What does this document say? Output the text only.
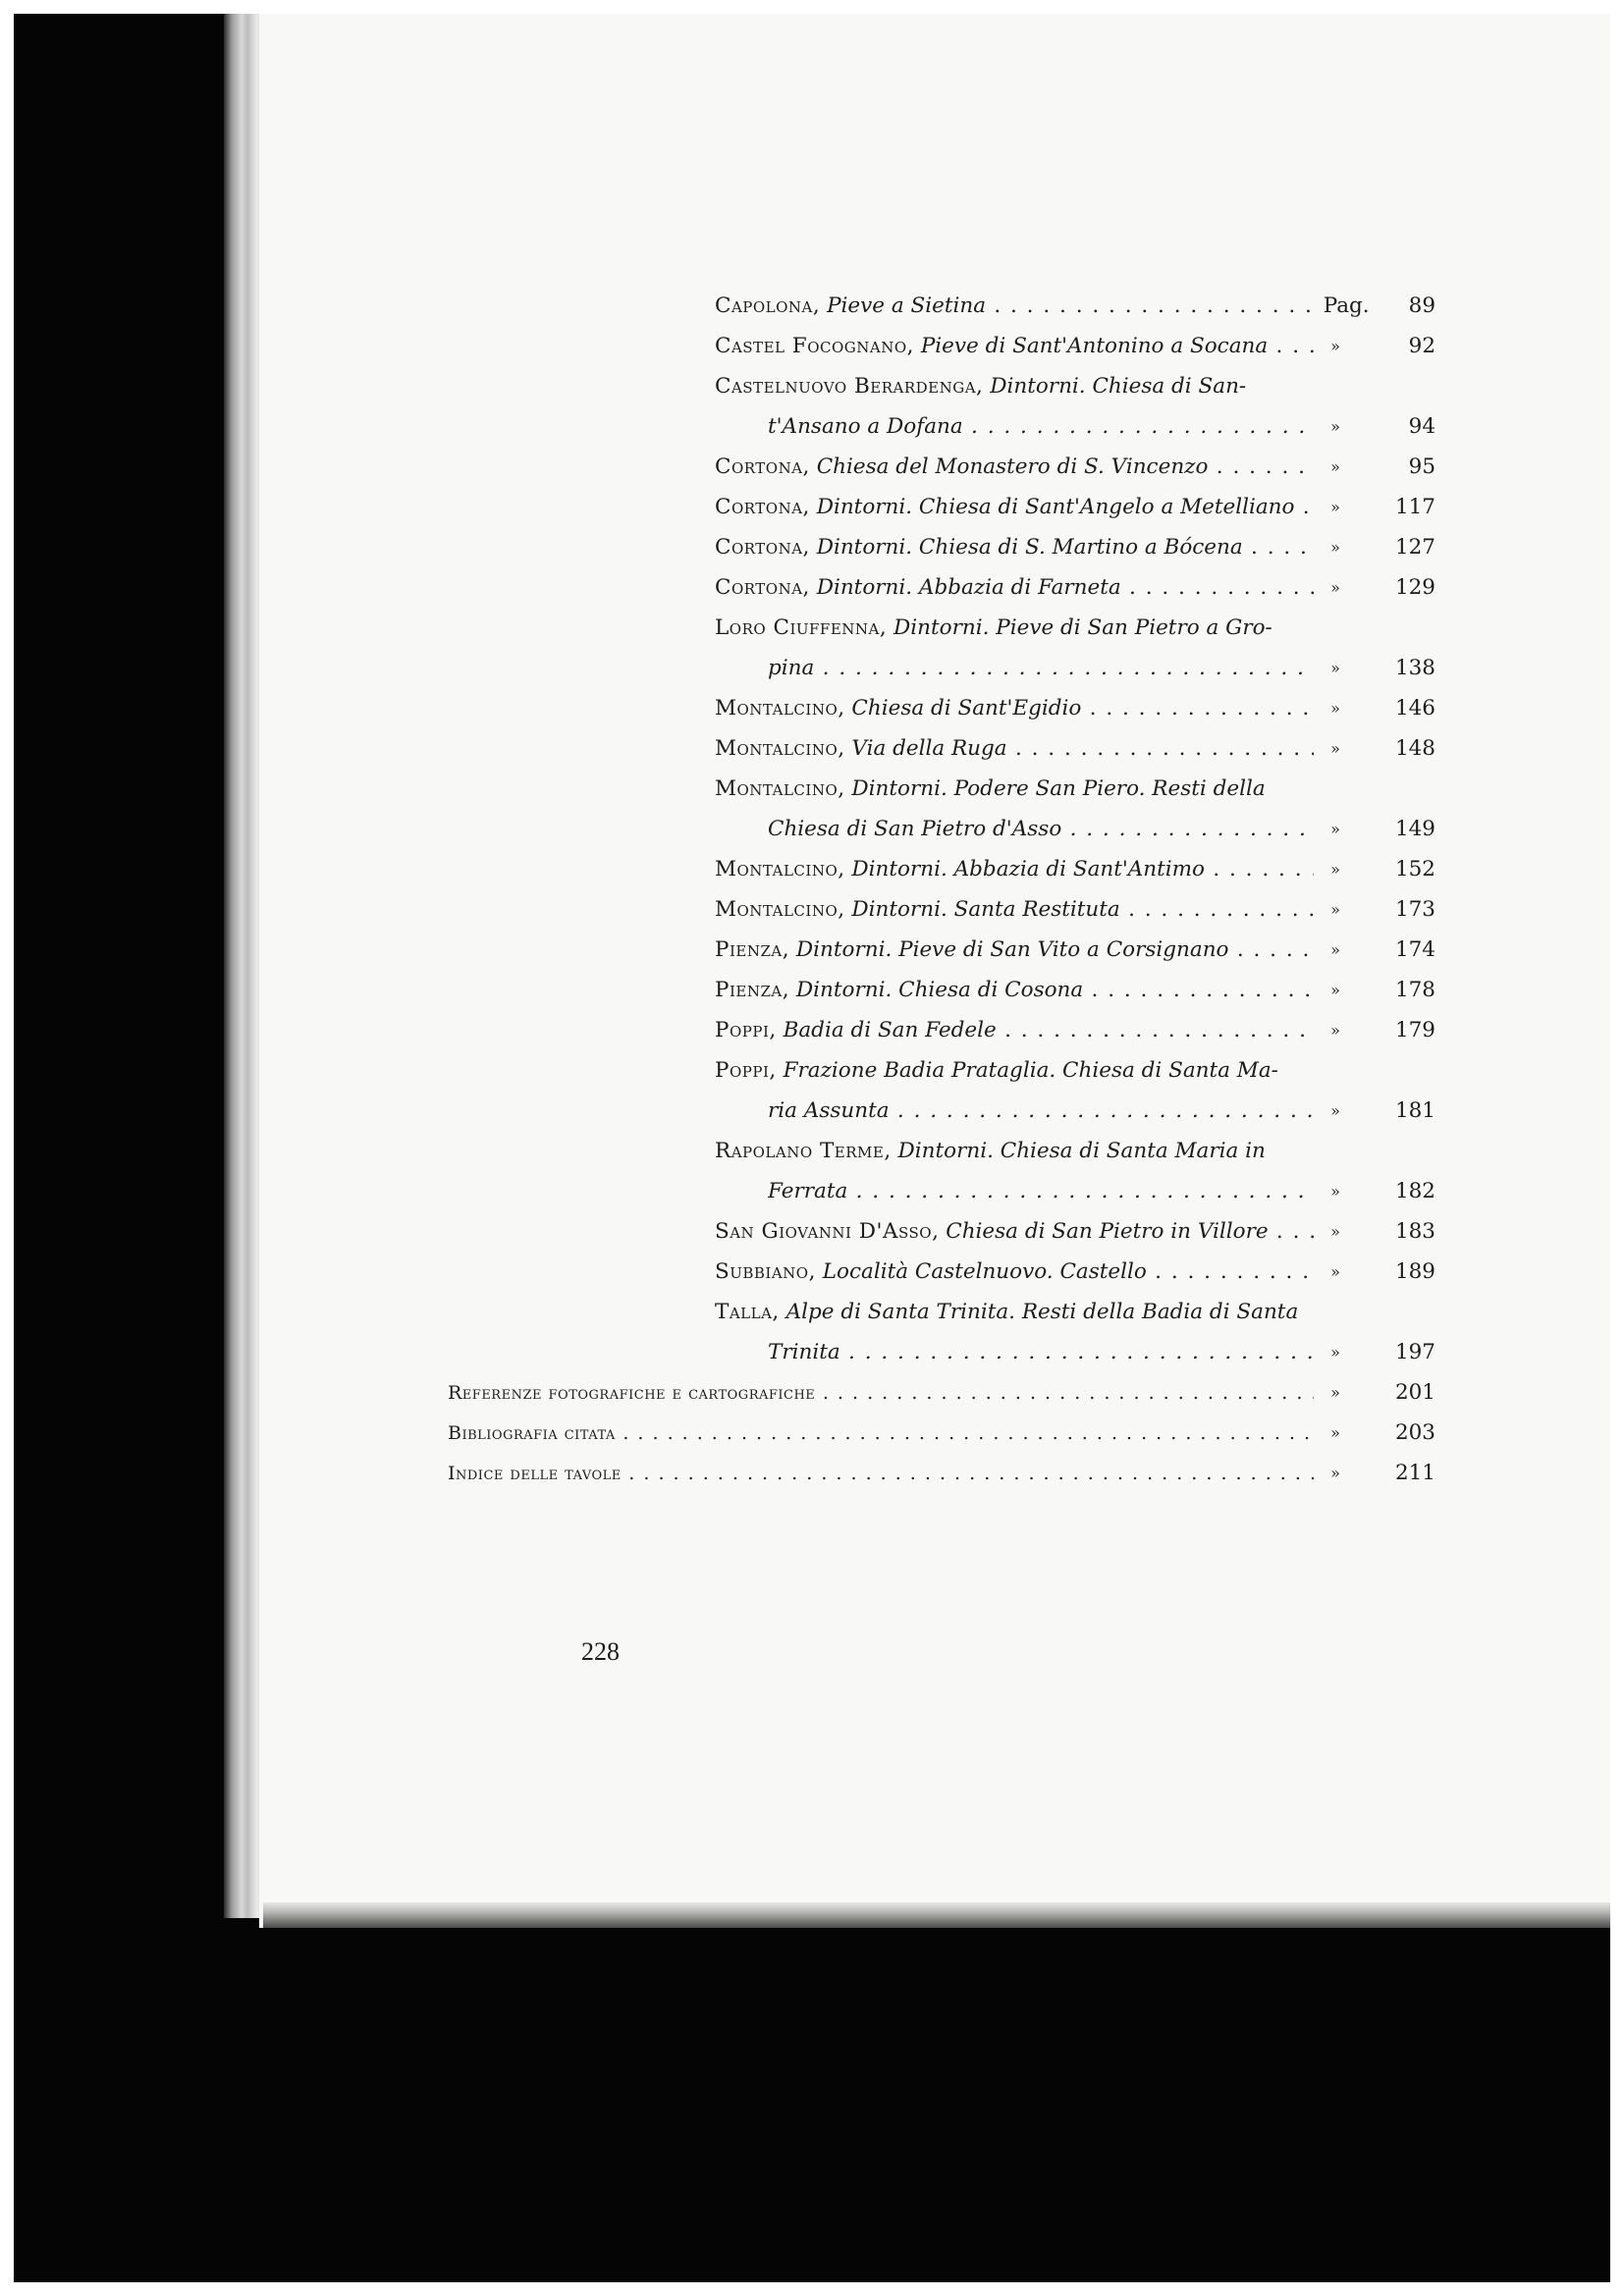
Capolona, Pieve a Sietina . . .	Pag. 89
Castel Focognano, Pieve di Sant'Antonino a Socana . . .	»	92
Castelnuovo Berardenga, Dintorni. Chiesa di San-
t'Ansano a Dofana . . .	»	94
Cortona, Chiesa del Monastero di S. Vincenzo . . .	»	95
Cortona, Dintorni. Chiesa di Sant'Angelo a Metelliano . . .	»	117
Cortona, Dintorni. Chiesa di S. Martino a Bócena . . .	»	127
Cortona, Dintorni. Abbazia di Farneta . . .	»	129
Loro Ciuffenna, Dintorni. Pieve di San Pietro a Gro-
pina . . .	»	138
Montalcino, Chiesa di Sant'Egidio . . .	»	146
Montalcino, Via della Ruga . . .	»	148
Montalcino, Dintorni. Podere San Piero. Resti della
Chiesa di San Pietro d'Asso . . .	»	149
Montalcino, Dintorni. Abbazia di Sant'Antimo . . .	»	152
Montalcino, Dintorni. Santa Restituta . . .	»	173
Pienza, Dintorni. Pieve di San Vito a Corsignano . . .	»	174
Pienza, Dintorni. Chiesa di Cosona . . .	»	178
Poppi, Badia di San Fedele . . .	»	179
Poppi, Frazione Badia Prataglia. Chiesa di Santa Ma-
ria Assunta . . .	»	181
Rapolano Terme, Dintorni. Chiesa di Santa Maria in
Ferrata . . .	»	182
San Giovanni D'Asso, Chiesa di San Pietro in Villore . . .	»	183
Subbiano, Località Castelnuovo. Castello . . .	»	189
Talla, Alpe di Santa Trinita. Resti della Badia di Santa
Trinita . . .	»	197
Referenze fotografiche e cartografiche . . .	»	201
Bibliografia citata . . .	»	203
Indice delle tavole . . .	»	211
228
